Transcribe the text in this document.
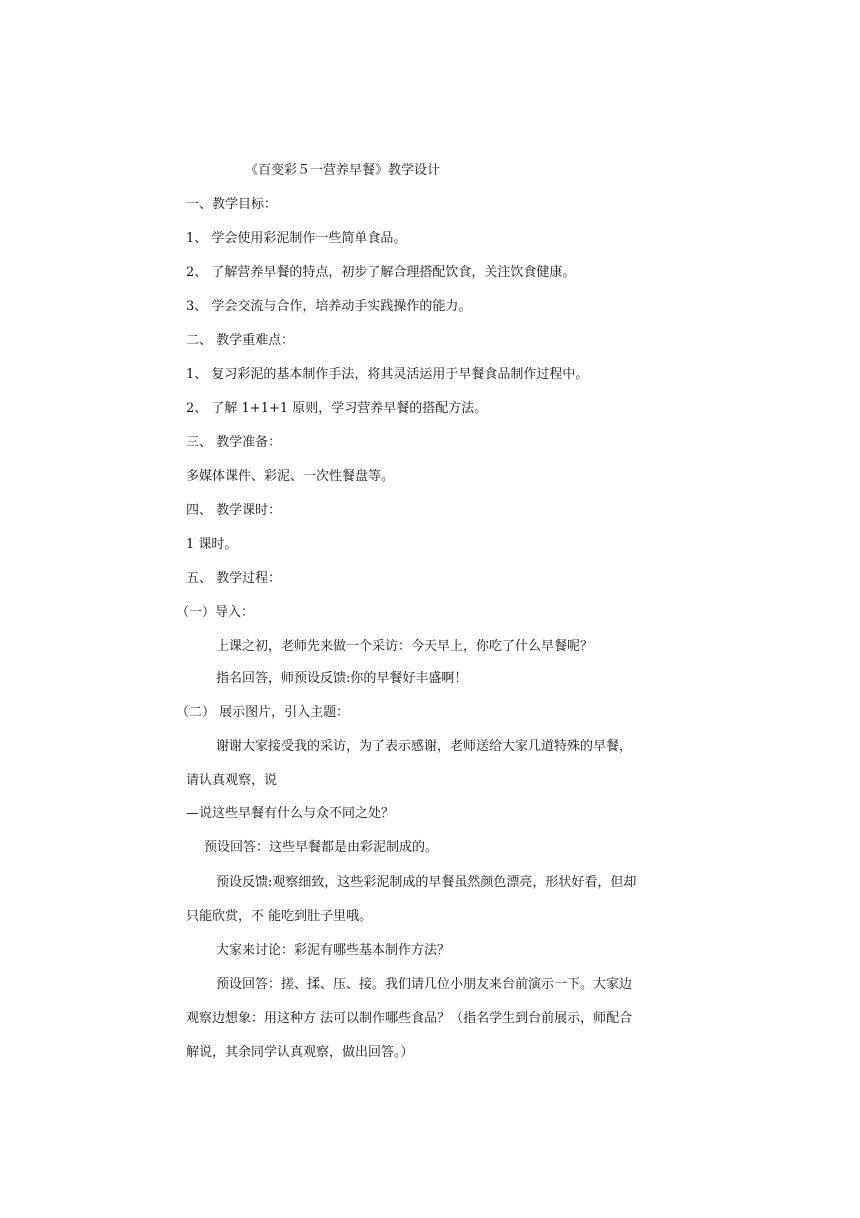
《百变彩５一营养早餐》教学设计

一、教学目标：

1、 学会使用彩泥制作一些简单食品。

2、 了解营养早餐的特点，初步了解合理搭配饮食，关注饮食健康。

3、 学会交流与合作，培养动手实践操作的能力。

二、 教学重难点：

1、 复习彩泥的基本制作手法，将其灵活运用于早餐食品制作过程中。

2、 了解 1+1+1 原则，学习营养早餐的搭配方法。

三、 教学准备：

多媒体课件、彩泥、一次性餐盘等。

四、 教学课时：

1 课时。

五、 教学过程：

（一）导入：

上课之初，老师先来做一个采访：今天早上，你吃了什么早餐呢？

指名回答，师预设反馈:你的早餐好丰盛啊！

（二） 展示图片，引入主题：

谢谢大家接受我的采访，为了表示感谢，老师送给大家几道特殊的早餐，

请认真观察，说

—说这些早餐有什么与众不同之处？

预设回答：这些早餐都是由彩泥制成的。

预设反馈:观察细致，这些彩泥制成的早餐虽然颜色漂亮，形状好看，但却

只能欣赏，不 能吃到肚子里哦。

大家来讨论：彩泥有哪些基本制作方法？

预设回答：搓、揉、压、接。我们请几位小朋友来台前演示一下。大家边

观察边想象：用这种方 法可以制作哪些食品？（指名学生到台前展示，师配合

解说，其余同学认真观察，做出回答。）
